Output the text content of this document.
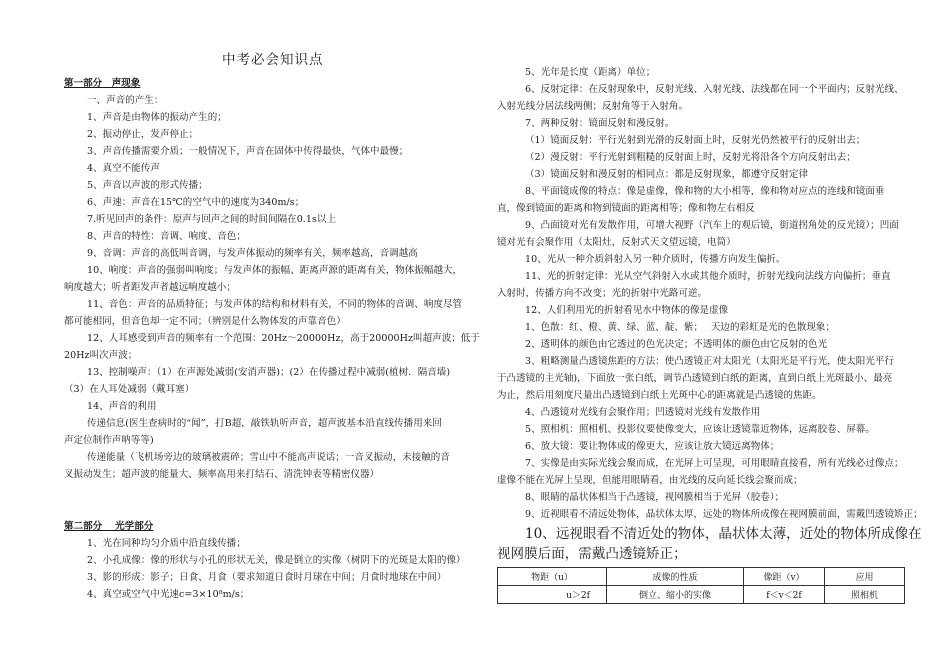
中考必会知识点
第一部分　声现象
一、声音的产生：
1、声音是由物体的振动产生的；
2、振动停止，发声停止；
3、声音传播需要介质；一般情况下，声音在固体中传得最快，气体中最慢；
4、真空不能传声
5、声音以声波的形式传播；
6、声速：声音在15℃的空气中的速度为340m/s；
7.听见回声的条件：原声与回声之间的时间间隔在0.1s以上
8、声音的特性：音调、响度、音色；
9、音调：声音的高低叫音调，与发声体振动的频率有关，频率越高，音调越高
10、响度：声音的强弱叫响度；与发声体的振幅、距离声源的距离有关，物体振幅越大，
响度越大；听者距发声者越远响度越小；
11、音色：声音的品质特征；与发声体的结构和材料有关，不同的物体的音调、响度尽管
都可能相同，但音色却一定不同；（辨别是什么物体发的声靠音色）
12、人耳感受到声音的频率有一个范围：20Hz～20000Hz，高于20000Hz叫超声波；低于
20Hz叫次声波；
13、控制噪声：（1）在声源处减弱(安消声器)；(2）在传播过程中减弱(植树．隔音墙)
（3）在人耳处减弱（戴耳塞）
14、声音的利用
传递信息(医生查病时的“闻”，打B超，敲铁轨听声音，超声波基本沿直线传播用来回
声定位制作声呐等等)
传递能量（飞机场旁边的玻璃被震碎；雪山中不能高声说话；一音叉振动，未接触的音
叉振动发生；超声波的能量大、频率高用来打结石、清洗钟表等精密仪器）
第二部分　 光学部分
1、光在同种均匀介质中沿直线传播；
2、小孔成像：像的形状与小孔的形状无关，像是倒立的实像（树阴下的光斑是太阳的像）
3、影的形成：影子；日食、月食（要求知道日食时月球在中间；月食时地球在中间）
4、真空或空气中光速c=3×10⁸m/s；
5、光年是长度（距离）单位；
6、反射定律：在反射现象中，反射光线、入射光线、法线都在同一个平面内；反射光线、
入射光线分居法线两侧；反射角等于入射角。
7、两种反射：镜面反射和漫反射。
（1）镜面反射：平行光射到光滑的反射面上时，反射光仍然被平行的反射出去；
（2）漫反射：平行光射到粗糙的反射面上时，反射光将沿各个方向反射出去；
（3）镜面反射和漫反射的相同点：都是反射现象，都遵守反射定律
8、平面镜成像的特点：像是虚像，像和物的大小相等，像和物对应点的连线和镜面垂
直，像到镜面的距离和物到镜面的距离相等；像和物左右相反
9、凸面镜对光有发散作用，可增大视野（汽车上的观后镜，街道拐角处的反光镜）；凹面
镜对光有会聚作用（太阳灶，反射式天文望远镜，电筒）
10、光从一种介质斜射入另一种介质时，传播方向发生偏折。
11、光的折射定律：光从空气斜射入水或其他介质时，折射光线向法线方向偏折；垂直
入射时，传播方向不改变；光的折射中光路可逆。
12、人们利用光的折射看见水中物体的像是虚像
1、色散：红、橙、黄、绿、蓝、靛、紫；　 天边的彩虹是光的色散现象；
2、透明体的颜色由它透过的色光决定；不透明体的颜色由它反射的色光
3、粗略测量凸透镜焦距的方法：使凸透镜正对太阳光（太阳光是平行光，使太阳光平行
于凸透镜的主光轴)，下面放一张白纸，调节凸透镜到白纸的距离，直到白纸上光斑最小、最亮
为止，然后用刻度尺量出凸透镜到白纸上光斑中心的距离就是凸透镜的焦距。
4、凸透镜对光线有会聚作用；凹透镜对光线有发散作用
5、照相机：照相机、投影仪要使像变大，应该让透镜靠近物体，远离胶卷、屏幕。
6、放大镜：要让物体成的像更大，应该让放大镜远离物体；
7、实像是由实际光线会聚而成，在光屏上可呈现，可用眼睛直接看，所有光线必过像点；
虚像不能在光屏上呈现，但能用眼睛看，由光线的反向延长线会聚而成；
8、眼睛的晶状体相当于凸透镜，视网膜相当于光屏（胶卷）；
9、近视眼看不清远处物体，晶状体太厚，远处的物体所成像在视网膜前面，需戴凹透镜矫正；
10、远视眼看不清近处的物体，晶状体太薄，近处的物体所成像在
视网膜后面，需戴凸透镜矫正；
物距（u）	成像的性质	像距（v）	应用
u＞2f	倒立、缩小的实像	f＜v＜2f	照相机
